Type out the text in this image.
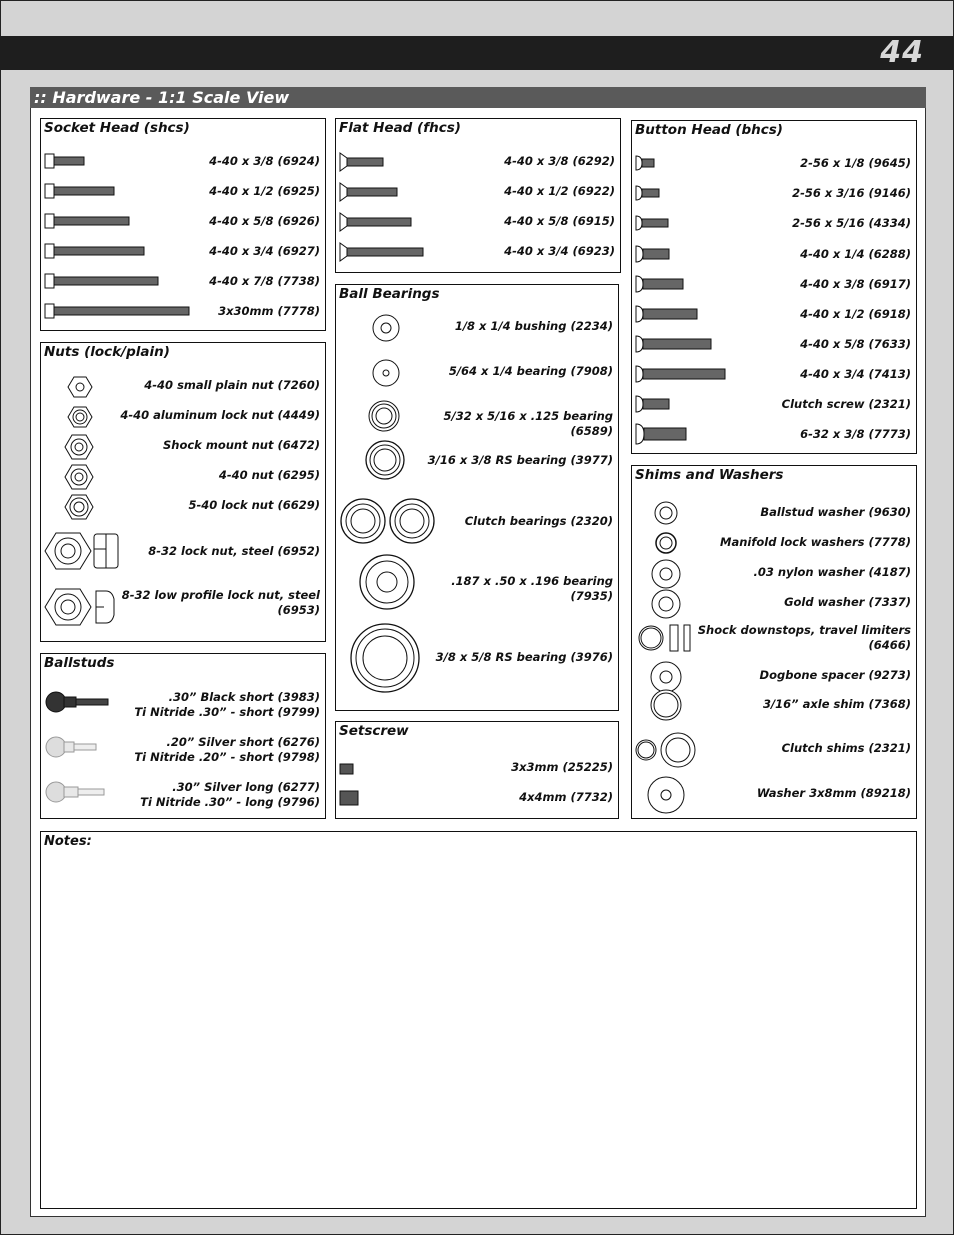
44
:: Hardware - 1:1 Scale View
Socket Head (shcs)
4-40 x 3/8 (6924)
4-40 x 1/2 (6925)
4-40 x 5/8 (6926)
4-40 x 3/4 (6927)
4-40 x 7/8 (7738)
3x30mm (7778)
Nuts (lock/plain)
4-40 small plain nut (7260)
4-40 aluminum lock nut (4449)
Shock mount nut (6472)
4-40 nut (6295)
5-40 lock nut (6629)
8-32 lock nut, steel (6952)
8-32 low profile lock nut, steel
(6953)
Ballstuds
.30” Black short (3983)
Ti Nitride .30” - short (9799)
.20” Silver short (6276)
Ti Nitride .20” - short (9798)
.30” Silver long (6277)
Ti Nitride .30” - long (9796)
Flat Head (fhcs)
4-40 x 3/8 (6292)
4-40 x 1/2 (6922)
4-40 x 5/8 (6915)
4-40 x 3/4 (6923)
Ball Bearings
1/8 x 1/4 bushing (2234)
5/64 x 1/4 bearing (7908)
5/32 x 5/16 x .125 bearing
(6589)
3/16 x 3/8 RS bearing (3977)
Clutch bearings (2320)
.187 x .50 x .196 bearing
(7935)
3/8 x 5/8 RS bearing (3976)
Setscrew
3x3mm (25225)
4x4mm (7732)
Button Head (bhcs)
2-56 x 1/8 (9645)
2-56 x 3/16 (9146)
2-56 x 5/16 (4334)
4-40 x 1/4 (6288)
4-40 x 3/8 (6917)
4-40 x 1/2 (6918)
4-40 x 5/8 (7633)
4-40 x 3/4 (7413)
Clutch screw (2321)
6-32 x 3/8 (7773)
Shims and Washers
Ballstud washer (9630)
Manifold lock washers (7778)
.03 nylon washer (4187)
Gold washer (7337)
Shock downstops, travel limiters
(6466)
Dogbone spacer (9273)
3/16” axle shim (7368)
Clutch shims (2321)
Washer 3x8mm (89218)
Notes:
